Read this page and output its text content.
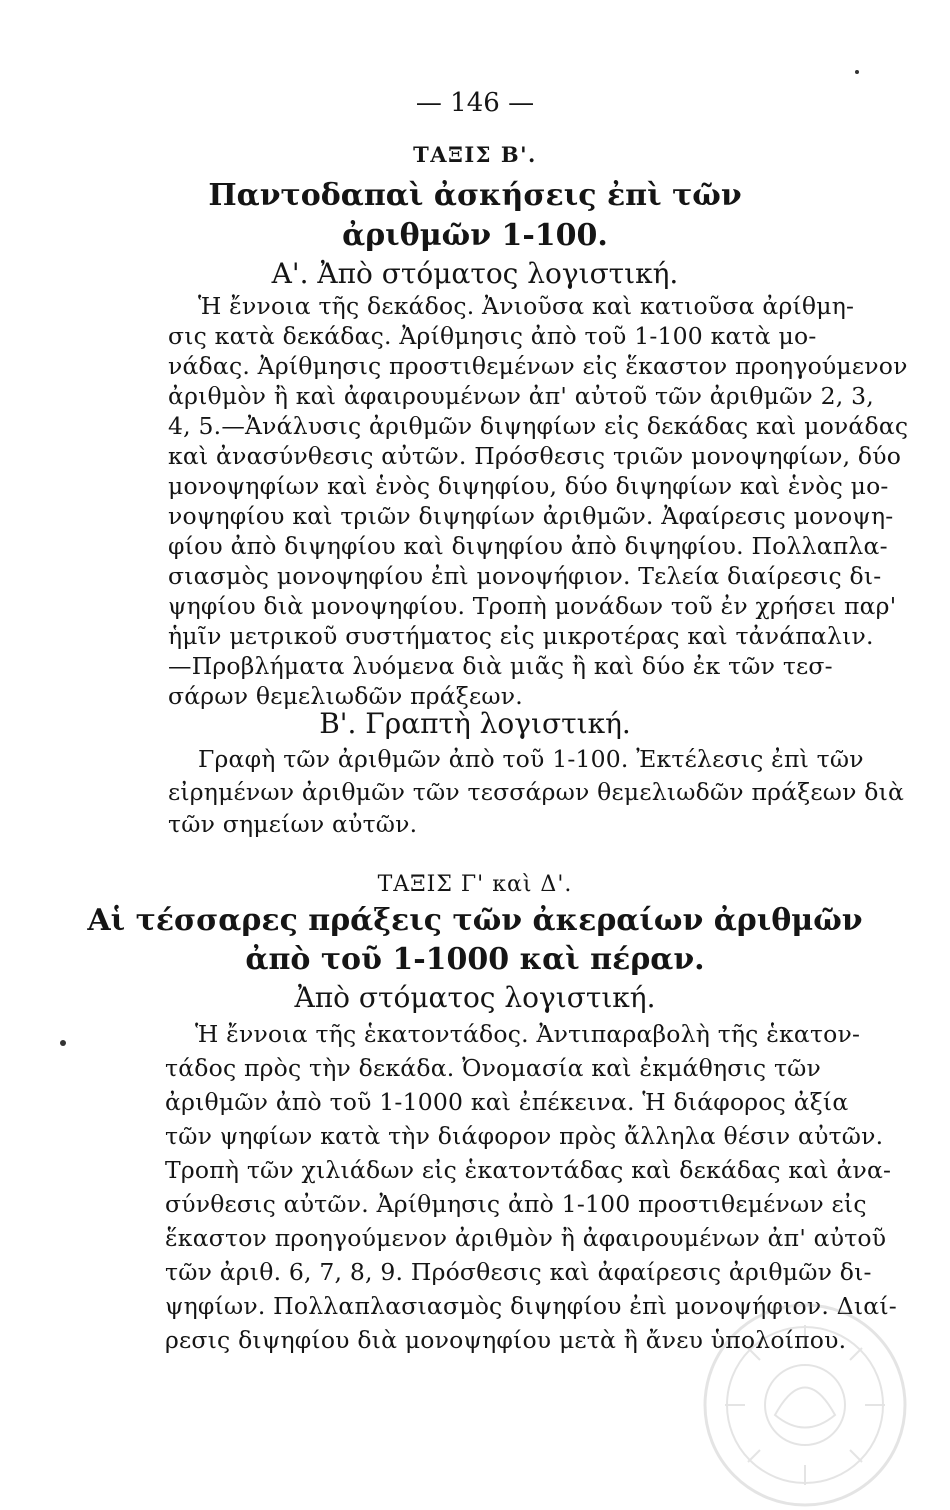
— 146 —
ΤΑΞΙΣ Β'.
Παντοδαπαὶ ἀσκήσεις ἐπὶ τῶν
ἀριθμῶν 1-100.
Α'. Ἀπὸ στόματος λογιστική.
Ἡ ἔννοια τῆς δεκάδος. Ἀνιοῦσα καὶ κατιοῦσα ἀρίθμη-
σις κατὰ δεκάδας. Ἀρίθμησις ἀπὸ τοῦ 1-100 κατὰ μο-
νάδας. Ἀρίθμησις προστιθεμένων εἰς ἕκαστον προηγούμενον
ἀριθμὸν ἢ καὶ ἀφαιρουμένων ἀπ' αὐτοῦ τῶν ἀριθμῶν 2, 3,
4, 5.—Ἀνάλυσις ἀριθμῶν διψηφίων εἰς δεκάδας καὶ μονάδας
καὶ ἀνασύνθεσις αὐτῶν. Πρόσθεσις τριῶν μονοψηφίων, δύο
μονοψηφίων καὶ ἑνὸς διψηφίου, δύο διψηφίων καὶ ἑνὸς μο-
νοψηφίου καὶ τριῶν διψηφίων ἀριθμῶν. Ἀφαίρεσις μονοψη-
φίου ἀπὸ διψηφίου καὶ διψηφίου ἀπὸ διψηφίου. Πολλαπλα-
σιασμὸς μονοψηφίου ἐπὶ μονοψήφιον. Τελεία διαίρεσις δι-
ψηφίου διὰ μονοψηφίου. Τροπὴ μονάδων τοῦ ἐν χρήσει παρ'
ἡμῖν μετρικοῦ συστήματος εἰς μικροτέρας καὶ τἀνάπαλιν.
—Προβλήματα λυόμενα διὰ μιᾶς ἢ καὶ δύο ἐκ τῶν τεσ-
σάρων θεμελιωδῶν πράξεων.
Β'. Γραπτὴ λογιστική.
Γραφὴ τῶν ἀριθμῶν ἀπὸ τοῦ 1-100. Ἐκτέλεσις ἐπὶ τῶν
εἰρημένων ἀριθμῶν τῶν τεσσάρων θεμελιωδῶν πράξεων διὰ
τῶν σημείων αὐτῶν.
ΤΑΞΙΣ Γ' καὶ Δ'.
Αἱ τέσσαρες πράξεις τῶν ἀκεραίων ἀριθμῶν
ἀπὸ τοῦ 1-1000 καὶ πέραν.
Ἀπὸ στόματος λογιστική.
Ἡ ἔννοια τῆς ἑκατοντάδος. Ἀντιπαραβολὴ τῆς ἑκατον-
τάδος πρὸς τὴν δεκάδα. Ὀνομασία καὶ ἐκμάθησις τῶν
ἀριθμῶν ἀπὸ τοῦ 1-1000 καὶ ἐπέκεινα. Ἡ διάφορος ἀξία
τῶν ψηφίων κατὰ τὴν διάφορον πρὸς ἄλληλα θέσιν αὐτῶν.
Τροπὴ τῶν χιλιάδων εἰς ἑκατοντάδας καὶ δεκάδας καὶ ἀνα-
σύνθεσις αὐτῶν. Ἀρίθμησις ἀπὸ 1-100 προστιθεμένων εἰς
ἕκαστον προηγούμενον ἀριθμὸν ἢ ἀφαιρουμένων ἀπ' αὐτοῦ
τῶν ἀριθ. 6, 7, 8, 9. Πρόσθεσις καὶ ἀφαίρεσις ἀριθμῶν δι-
ψηφίων. Πολλαπλασιασμὸς διψηφίου ἐπὶ μονοψήφιον. Διαί-
ρεσις διψηφίου διὰ μονοψηφίου μετὰ ἢ ἄνευ ὑπολοίπου.
